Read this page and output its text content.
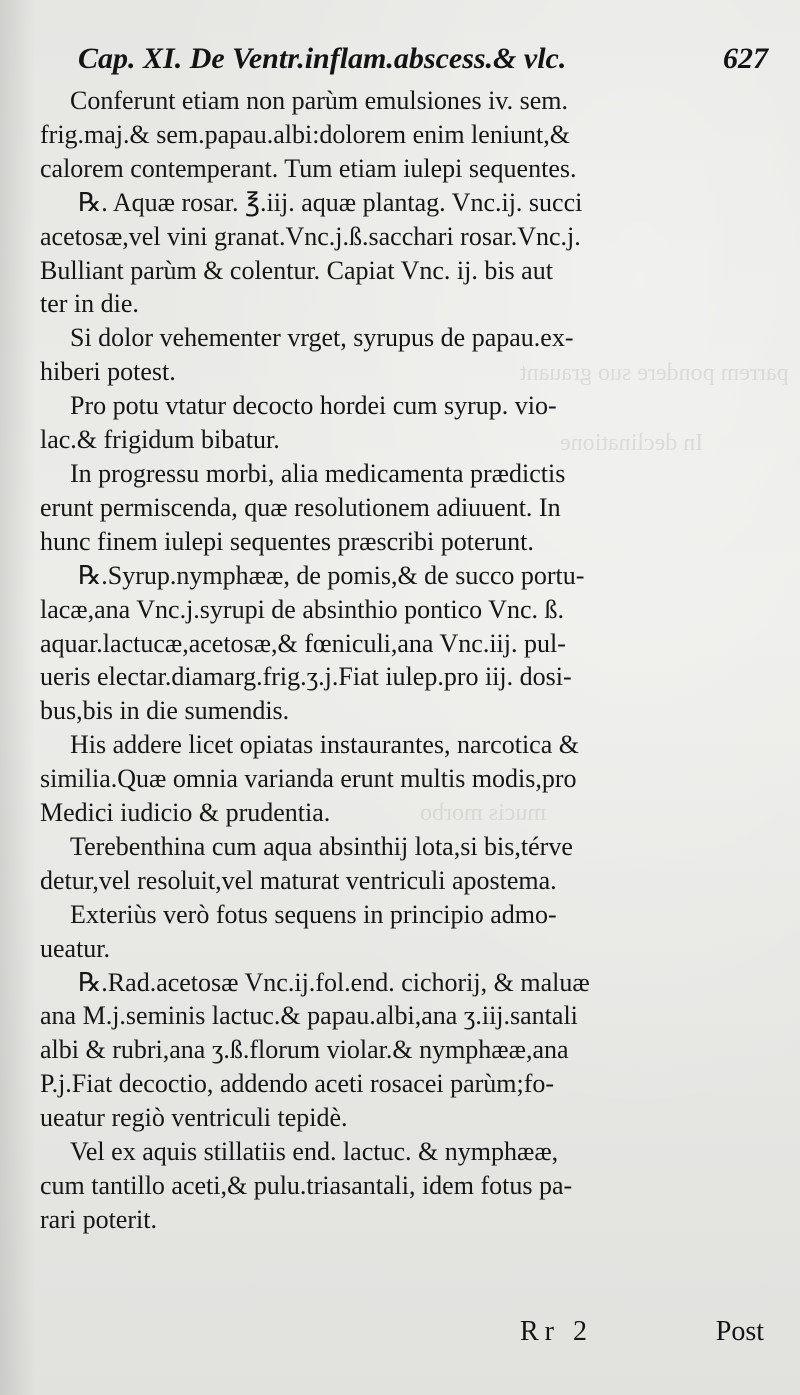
parrem pondere suo grauant
In declinatione
mucis morbo
Cap. XI. De Ventr.inflam.abscess.& vlc.	627
Conferunt etiam non parùm emulsiones iv. sem.
frig.maj.& sem.papau.albi:dolorem enim leniunt,&
calorem contemperant. Tum etiam iulepi sequentes.
℞. Aquæ rosar. ℥.iij. aquæ plantag. Vnc.ij. succi
acetosæ,vel vini granat.Vnc.j.ß.sacchari rosar.Vnc.j.
Bulliant parùm & colentur. Capiat Vnc. ij. bis aut
ter in die.
Si dolor vehementer vrget, syrupus de papau.ex-
hiberi potest.
Pro potu vtatur decocto hordei cum syrup. vio-
lac.& frigidum bibatur.
In progressu morbi, alia medicamenta prædictis
erunt permiscenda, quæ resolutionem adiuuent. In
hunc finem iulepi sequentes præscribi poterunt.
℞.Syrup.nymphææ, de pomis,& de succo portu-
lacæ,ana Vnc.j.syrupi de absinthio pontico Vnc. ß.
aquar.lactucæ,acetosæ,& fœniculi,ana Vnc.iij. pul-
ueris electar.diamarg.frig.ʒ.j.Fiat iulep.pro iij. dosi-
bus,bis in die sumendis.
His addere licet opiatas instaurantes, narcotica &
similia.Quæ omnia varianda erunt multis modis,pro
Medici iudicio & prudentia.
Terebenthina cum aqua absinthij lota,si bis,térve
detur,vel resoluit,vel maturat ventriculi apostema.
Exteriùs verò fotus sequens in principio admo-
ueatur.
℞.Rad.acetosæ Vnc.ij.fol.end. cichorij, & maluæ
ana M.j.seminis lactuc.& papau.albi,ana ʒ.iij.santali
albi & rubri,ana ʒ.ß.florum violar.& nymphææ,ana
P.j.Fiat decoctio, addendo aceti rosacei parùm;fo-
ueatur regiò ventriculi tepidè.
Vel ex aquis stillatiis end. lactuc. & nymphææ,
cum tantillo aceti,& pulu.triasantali, idem fotus pa-
rari poterit.
Rr 2	Post
